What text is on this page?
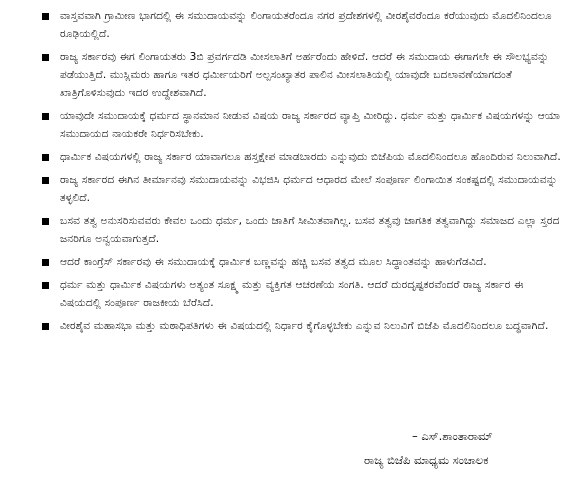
ವಾಸ್ತವವಾಗಿ ಗ್ರಾಮೀಣ ಭಾಗದಲ್ಲಿ ಈ ಸಮುದಾಯವನ್ನು ಲಿಂಗಾಯತರೆಂದೂ ನಗರ ಪ್ರದೇಶಗಳಲ್ಲಿ ವೀರಶೈವರೆಂದೂ ಕರೆಯುವುದು ಮೊದಲಿನಿಂದಲೂ ರೂಢಿಯಲ್ಲಿದೆ.
ರಾಜ್ಯ ಸರ್ಕಾರವು ಈಗ ಲಿಂಗಾಯತರು 3ಬಿ ಪ್ರವರ್ಗದಡಿ ಮೀಸಲಾತಿಗೆ ಅರ್ಹರೆಂದು ಹೇಳಿದೆ. ಆದರೆ ಈ ಸಮುದಾಯ ಈಗಾಗಲೇ ಈ ಸೌಲಭ್ಯವನ್ನು ಪಡೆಯುತ್ತಿದೆ. ಮುಸ್ಲಿಮರು ಹಾಗೂ ಇತರ ಧರ್ಮೀಯರಿಗೆ ಅಲ್ಪಸಂಖ್ಯಾತರ ಪಾಲಿನ ಮೀಸಲಾತಿಯಲ್ಲಿ ಯಾವುದೇ ಬದಲಾವಣೆಯಾಗದಂತೆ ಖಾತ್ರಿಗೊಳಿಸುವುದು ಇದರ ಉದ್ದೇಶವಾಗಿದೆ.
ಯಾವುದೇ ಸಮುದಾಯಕ್ಕೆ ಧರ್ಮದ ಸ್ಥಾನಮಾನ ನೀಡುವ ವಿಷಯ ರಾಜ್ಯ ಸರ್ಕಾರದ ವ್ಯಾಪ್ತಿ ಮೀರಿದ್ದು. ಧರ್ಮ ಮತ್ತು ಧಾರ್ಮಿಕ ವಿಷಯಗಳನ್ನು ಆಯಾ ಸಮುದಾಯದ ನಾಯಕರೇ ನಿರ್ಧರಿಸಬೇಕು.
ಧಾರ್ಮಿಕ ವಿಷಯಗಳಲ್ಲಿ ರಾಜ್ಯ ಸರ್ಕಾರ ಯಾವಾಗಲೂ ಹಸ್ತಕ್ಷೇಪ ಮಾಡಬಾರದು ಎನ್ನುವುದು ಬಿಜೆಪಿಯ ಮೊದಲಿನಿಂದಲೂ ಹೊಂದಿರುವ ನಿಲುವಾಗಿದೆ.
ರಾಜ್ಯ ಸರ್ಕಾರದ ಈಗಿನ ತೀರ್ಮಾನವು ಸಮುದಾಯವನ್ನು ವಿಭಜಿಸಿ ಧರ್ಮದ ಆಧಾರದ ಮೇಲೆ ಸಂಪೂರ್ಣ ಲಿಂಗಾಯಿತ ಸಂಕಷ್ಟದಲ್ಲಿ ಸಮುದಾಯವನ್ನು ತಳ್ಳಲಿದೆ.
ಬಸವ ತತ್ವ ಅನುಸರಿಸುವವರು ಕೇವಲ ಒಂದು ಧರ್ಮ, ಒಂದು ಜಾತಿಗೆ ಸೀಮಿತವಾಗಿಲ್ಲ. ಬಸವ ತತ್ವವು ಜಾಗತಿಕ ತತ್ವವಾಗಿದ್ದು ಸಮಾಜದ ಎಲ್ಲಾ ಸ್ತರದ ಜನರಿಗೂ ಅನ್ವಯವಾಗುತ್ತದೆ.
ಆದರೆ ಕಾಂಗ್ರೆಸ್ ಸರ್ಕಾರವು ಈ ಸಮುದಾಯಕ್ಕೆ ಧಾರ್ಮಿಕ ಬಣ್ಣವನ್ನು ಹಚ್ಚಿ ಬಸವ ತತ್ವದ ಮೂಲ ಸಿದ್ಧಾಂತವನ್ನು ಹಾಳುಗೆಡವಿದೆ.
ಧರ್ಮ ಮತ್ತು ಧಾರ್ಮಿಕ ವಿಷಯಗಳು ಅತ್ಯಂತ ಸೂಕ್ಷ್ಮ ಮತ್ತು ವ್ಯಕ್ತಿಗತ ಆಚರಣೆಯ ಸಂಗತಿ. ಆದರೆ ದುರದೃಷ್ಟಕರವೆಂದರೆ ರಾಜ್ಯ ಸರ್ಕಾರ ಈ ವಿಷಯದಲ್ಲಿ ಸಂಪೂರ್ಣ ರಾಜಕೀಯ ಬೆರೆಸಿದೆ.
ವೀರಶೈವ ಮಹಾಸಭಾ ಮತ್ತು ಮಠಾಧಿಪತಿಗಳು ಈ ವಿಷಯದಲ್ಲಿ ನಿರ್ಧಾರ ಕೈಗೊಳ್ಳಬೇಕು ಎನ್ನುವ ನಿಲುವಿಗೆ ಬಿಜೆಪಿ ಮೊದಲಿನಿಂದಲೂ ಬದ್ಧವಾಗಿದೆ.
– ಎಸ್.ಶಾಂತಾರಾಮ್
ರಾಜ್ಯ ಬಿಜೆಪಿ ಮಾಧ್ಯಮ ಸಂಚಾಲಕ
